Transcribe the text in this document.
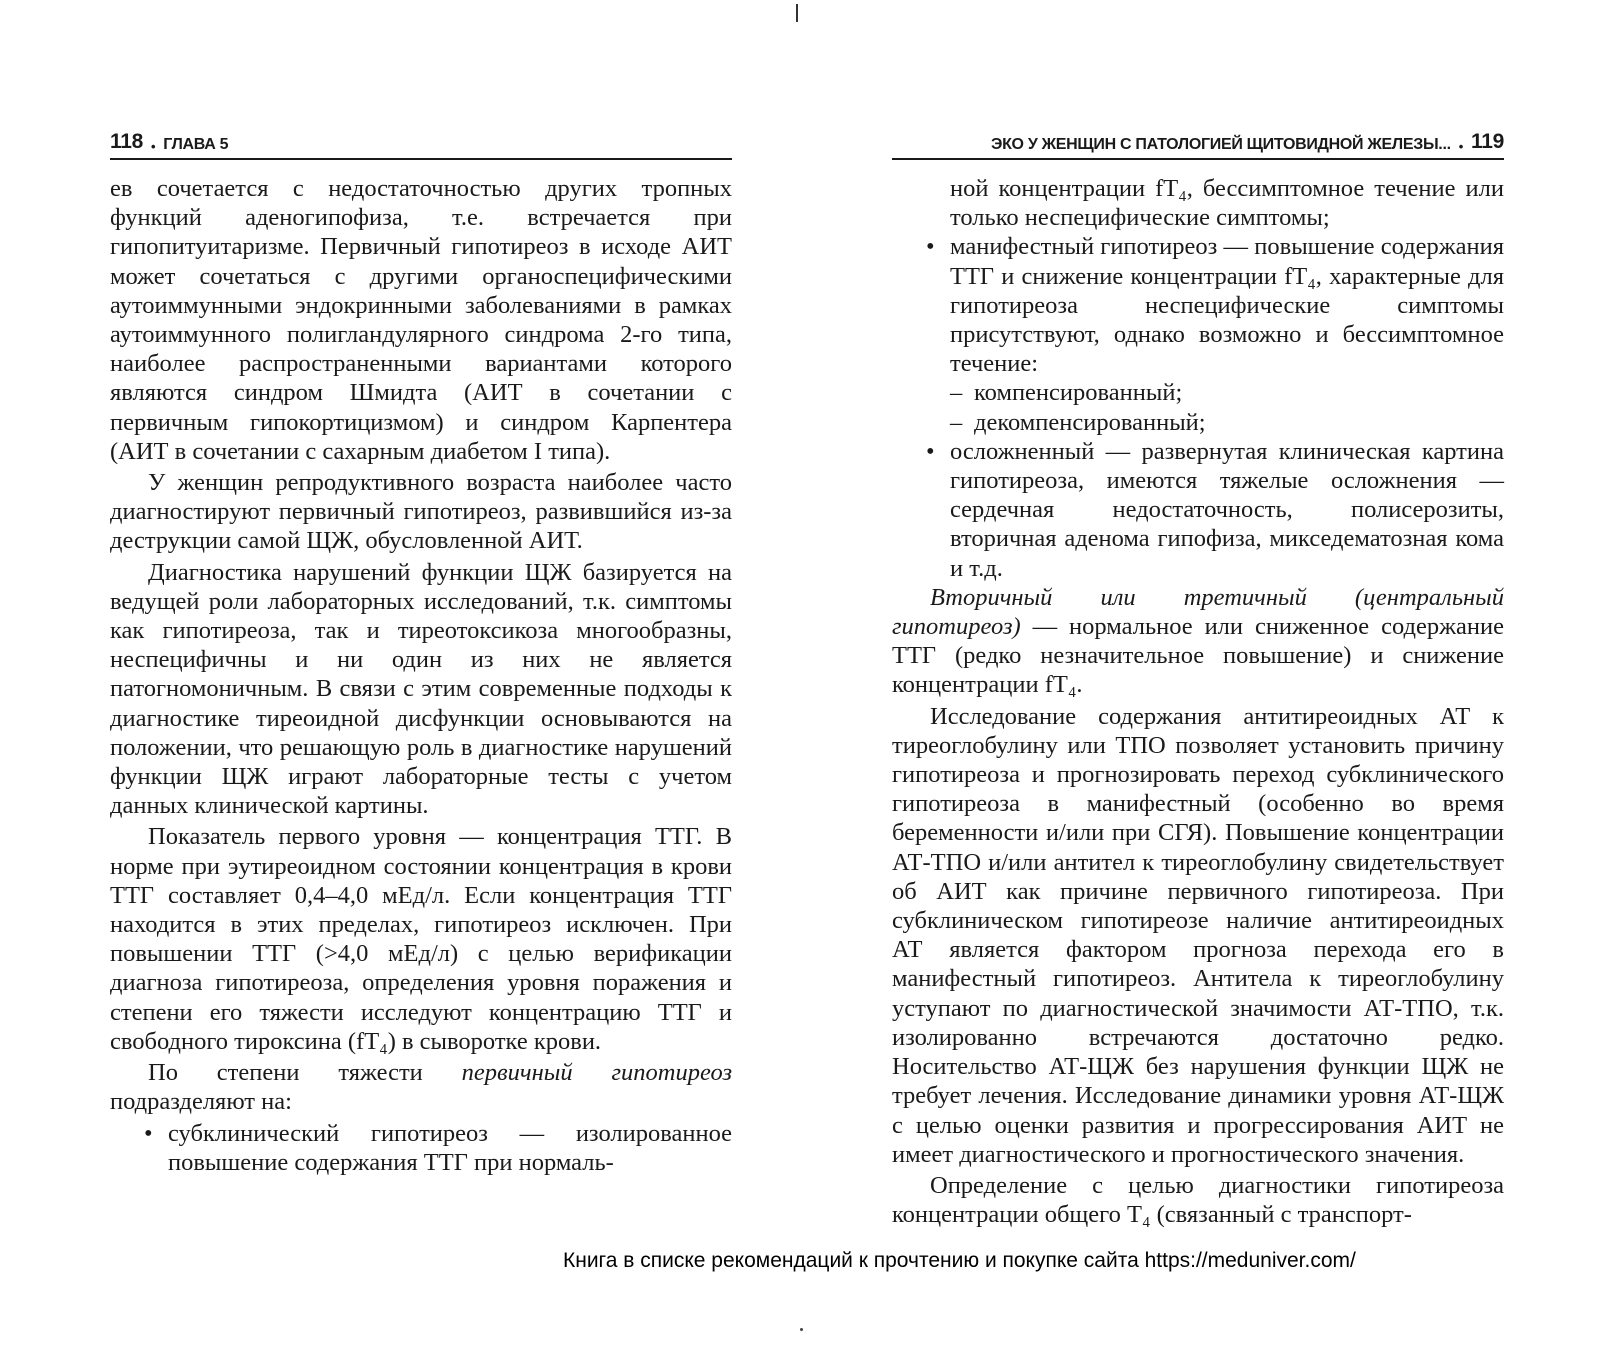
118 • ГЛАВА 5

ев сочетается с недостаточностью других тропных функций аденогипофиза, т.е. встречается при гипопитуитаризме. Первичный гипотиреоз в исходе АИТ может сочетаться с другими органоспецифическими аутоиммунными эндокринными заболеваниями в рамках аутоиммунного полигландулярного синдрома 2-го типа, наиболее распространенными вариантами которого являются синдром Шмидта (АИТ в сочетании с первичным гипокортицизмом) и синдром Карпентера (АИТ в сочетании с сахарным диабетом I типа).

У женщин репродуктивного возраста наиболее часто диагностируют первичный гипотиреоз, развившийся из-за деструкции самой ЩЖ, обусловленной АИТ.

Диагностика нарушений функции ЩЖ базируется на ведущей роли лабораторных исследований, т.к. симптомы как гипотиреоза, так и тиреотоксикоза многообразны, неспецифичны и ни один из них не является патогномоничным. В связи с этим современные подходы к диагностике тиреоидной дисфункции основываются на положении, что решающую роль в диагностике нарушений функции ЩЖ играют лабораторные тесты с учетом данных клинической картины.

Показатель первого уровня — концентрация ТТГ. В норме при эутиреоидном состоянии концентрация в крови ТТГ составляет 0,4–4,0 мЕд/л. Если концентрация ТТГ находится в этих пределах, гипотиреоз исключен. При повышении ТТГ (>4,0 мЕд/л) с целью верификации диагноза гипотиреоза, определения уровня поражения и степени его тяжести исследуют концентрацию ТТГ и свободного тироксина (fT₄) в сыворотке крови.

По степени тяжести первичный гипотиреоз подразделяют на:

• субклинический гипотиреоз — изолированное повышение содержания ТТГ при нормаль-
ЭКО У ЖЕНЩИН С ПАТОЛОГИЕЙ ЩИТОВИДНОЙ ЖЕЛЕЗЫ... • 119
ной концентрации fT₄, бессимптомное течение или только неспецифические симптомы;
• манифестный гипотиреоз — повышение содержания ТТГ и снижение концентрации fT₄, характерные для гипотиреоза неспецифические симптомы присутствуют, однако возможно и бессимптомное течение:
– компенсированный;
– декомпенсированный;
• осложненный — развернутая клиническая картина гипотиреоза, имеются тяжелые осложнения — сердечная недостаточность, полисерозиты, вторичная аденома гипофиза, микседематозная кома и т.д.

Вторичный или третичный (центральный гипотиреоз) — нормальное или сниженное содержание ТТГ (редко незначительное повышение) и снижение концентрации fT₄.

Исследование содержания антитиреоидных АТ к тиреоглобулину или ТПО позволяет установить причину гипотиреоза и прогнозировать переход субклинического гипотиреоза в манифестный (особенно во время беременности и/или при СГЯ). Повышение концентрации АТ-ТПО и/или антител к тиреоглобулину свидетельствует об АИТ как причине первичного гипотиреоза. При субклиническом гипотиреозе наличие антитиреоидных АТ является фактором прогноза перехода его в манифестный гипотиреоз. Антитела к тиреоглобулину уступают по диагностической значимости АТ-ТПО, т.к. изолированно встречаются достаточно редко. Носительство АТ-ЩЖ без нарушения функции ЩЖ не требует лечения. Исследование динамики уровня АТ-ЩЖ с целью оценки развития и прогрессирования АИТ не имеет диагностического и прогностического значения.

Определение с целью диагностики гипотиреоза концентрации общего T₄ (связанный с транспорт-

Книга в списке рекомендаций к прочтению и покупке сайта https://meduniver.com/
